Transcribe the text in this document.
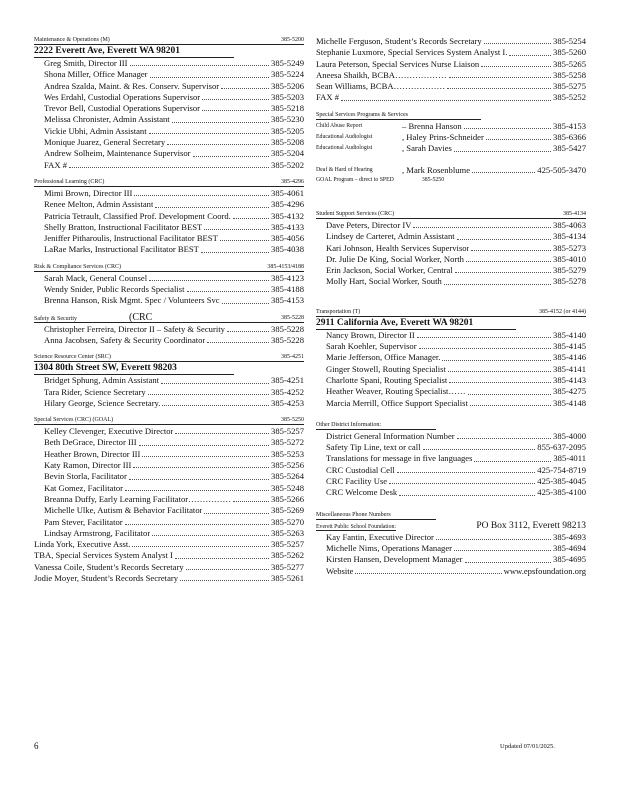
Maintenance & Operations (M)	385-5200
2222 Everett Ave, Everett WA 98201
Greg Smith, Director III	385-5249
Shona Miller, Office Manager	385-5224
Andrea Szalda, Maint. & Res. Conserv. Supervisor	385-5206
Wes Erdahl, Custodial Operations Supervisor	385-5203
Trevor Bell, Custodial Operations Supervisor	385-5218
Melissa Chronister, Admin Assistant	385-5230
Vickie Ubhi, Admin Assistant	385-5205
Monique Juarez, General Secretary	385-5208
Andrew Solheim, Maintenance Supervisor	385-5204
FAX #	385-5202
Professional Learning (CRC)	385-4296
Mimi Brown, Director III	385-4061
Renee Melton, Admin Assistant	385-4296
Patricia Tetrault, Classified Prof. Development Coord.	385-4132
Shelly Bratton, Instructional Facilitator BEST	385-4133
Jeniffer Pitharoulis, Instructional Facilitator BEST	385-4056
LaRae Marks, Instructional Facilitator BEST	385-4038
Risk & Compliance Services (CRC)	385-4153/4188
Sarah Mack, General Counsel	385-4123
Wendy Snider, Public Records Specialist	385-4188
Brenna Hanson, Risk Mgmt. Spec / Volunteers Svc	385-4153
Safety & Security	(CRC	385-5228
Christopher Ferreira, Director II – Safety & Security	385-5228
Anna Jacobsen, Safety & Security Coordinator	385-5228
Science Resource Center (SRC)	385-4251
1304 80th Street SW, Everett 98203
Bridget Sphung, Admin Assistant	385-4251
Tara Rider, Science Secretary	385-4252
Hilary George, Science Secretary.	385-4253
Special Services (CRC) (GOAL)	385-5250
Kelley Clevenger, Executive Director	385-5257
Beth DeGrace, Director III	385-5272
Heather Brown, Director III	385-5253
Katy Ramon, Director III	385-5256
Bevin Storla, Facilitator	385-5264
Kat Gomez, Facilitator	385-5248
Breanna Duffy, Early Learning Facilitator……………	385-5266
Michelle Ulke, Autism & Behavior Facilitator	385-5269
Pam Stever, Facilitator	385-5270
Lindsay Armstrong, Facilitator	385-5263
Linda York, Executive Asst.	385-5257
TBA, Special Services System Analyst I	385-5262
Vanessa Coile, Student’s Records Secretary	385-5277
Jodie Moyer, Student’s Records Secretary	385-5261
Michelle Ferguson, Student’s Records Secretary	385-5254
Stephanie Luxmore, Special Services System Analyst I.	385-5260
Laura Peterson, Special Services Nurse Liaison	385-5265
Aneesa Shaikh, BCBA………………	385-5258
Sean Williams, BCBA………………	385-5275
FAX #	385-5252
Special Services Programs & Services
Child Abuse Report	– Brenna Hanson	385-4153
Educational Audiologist	, Haley Prins-Schneider	385-6366
Educational Audiologist	, Sarah Davies	385-5427
Deaf & Hard of Hearing	, Mark Rosenblume	425-505-3470
GOAL Program – direct to SPED	385-5250
Student Support Services (CRC)	385-4134
Dave Peters, Director IV	385-4063
Lindsey de Carteret, Admin Assistant	385-4134
Kari Johnson, Health Services Supervisor	385-5273
Dr. Julie De King, Social Worker, North	385-4010
Erin Jackson, Social Worker, Central	385-5279
Molly Hart, Social Worker, South	385-5278
Transportation (T)	385-4152 (or 4144)
2911 California Ave, Everett WA 98201
Nancy Brown, Director II	385-4140
Sarah Koehler, Supervisor	385-4145
Marie Jefferson, Office Manager.	385-4146
Ginger Stowell, Routing Specialist	385-4141
Charlotte Spani, Routing Specialist	385-4143
Heather Weaver, Routing Specialist……	385-4275
Marcia Merrill, Office Support Specialist	385-4148
Other District Information:
District General Information Number	385-4000
Safety Tip Line, text or call	855-637-2095
Translations for message in five languages	385-4011
CRC Custodial Cell	425-754-8719
CRC Facility Use	425-385-4045
CRC Welcome Desk	425-385-4100
Miscellaneous Phone Numbers
Everett Public School Foundation:	PO Box 3112, Everett 98213
Kay Fantin, Executive Director	385-4693
Michelle Nims, Operations Manager	385-4694
Kirsten Hansen, Development Manager	385-4695
Website	www.epsfoundation.org
6	Updated 07/01/2025.
